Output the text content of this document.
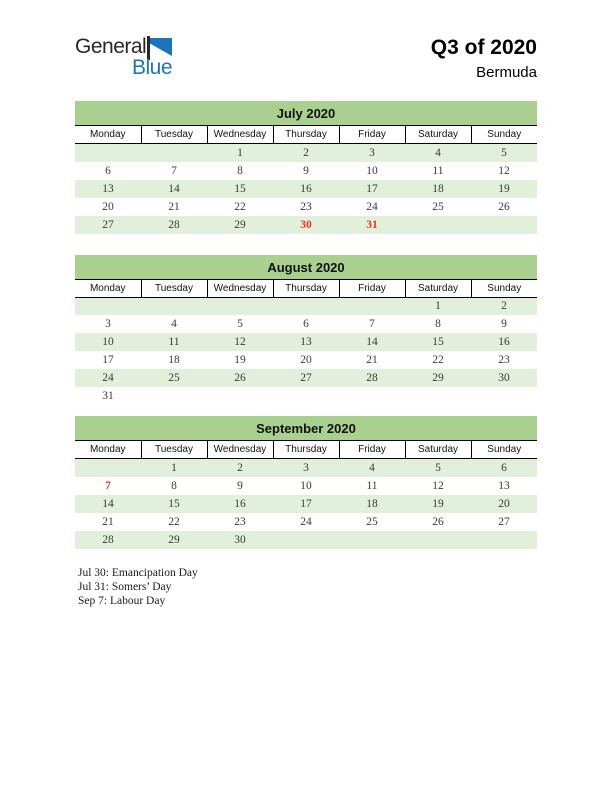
General
Blue
Q3 of 2020
Bermuda
July 2020						
Monday	Tuesday	Wednesday	Thursday	Friday	Saturday	Sunday
		1	2	3	4	5
6	7	8	9	10	11	12
13	14	15	16	17	18	19
20	21	22	23	24	25	26
27	28	29	30	31		
August 2020						
Monday	Tuesday	Wednesday	Thursday	Friday	Saturday	Sunday
					1	2
3	4	5	6	7	8	9
10	11	12	13	14	15	16
17	18	19	20	21	22	23
24	25	26	27	28	29	30
31						
September 2020						
Monday	Tuesday	Wednesday	Thursday	Friday	Saturday	Sunday
	1	2	3	4	5	6
7	8	9	10	11	12	13
14	15	16	17	18	19	20
21	22	23	24	25	26	27
28	29	30				
Jul 30: Emancipation Day
Jul 31: Somers’ Day
Sep 7: Labour Day
